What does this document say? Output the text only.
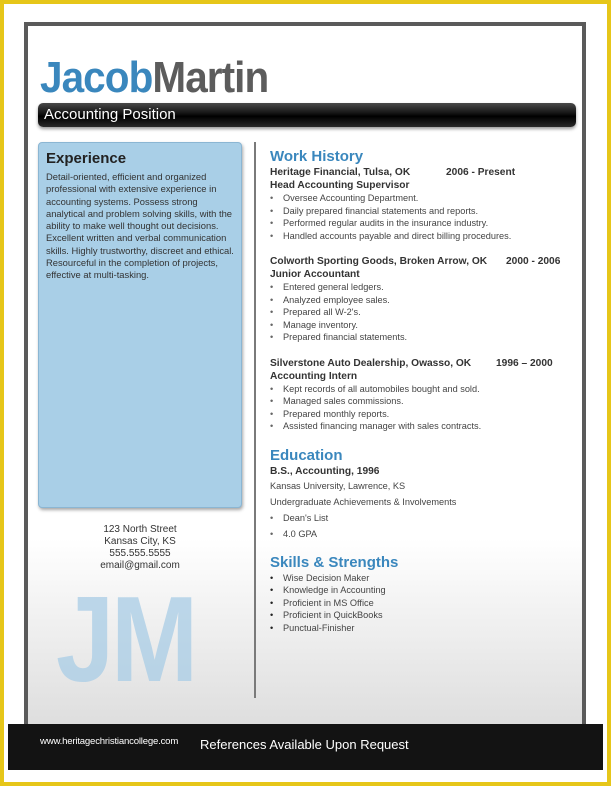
JacobMartin
Accounting Position
Experience
Detail-oriented, efficient and organized professional with extensive experience in accounting systems. Possess strong analytical and problem solving skills, with the ability to make well thought out decisions. Excellent written and verbal communication skills. Highly trustworthy, discreet and ethical. Resourceful in the completion of projects, effective at multi-tasking.
123 North Street
Kansas City, KS
555.555.5555
email@gmail.com
JM
Work History
Heritage Financial, Tulsa, OK	2006 - Present
Head Accounting Supervisor
• Oversee Accounting Department.
• Daily prepared financial statements and reports.
• Performed regular audits in the insurance industry.
• Handled accounts payable and direct billing procedures.
Colworth Sporting Goods, Broken Arrow, OK 2000 - 2006
Junior Accountant
• Entered general ledgers.
• Analyzed employee sales.
• Prepared all W-2's.
• Manage inventory.
• Prepared financial statements.
Silverstone Auto Dealership, Owasso, OK 1996 – 2000
Accounting Intern
• Kept records of all automobiles bought and sold.
• Managed sales commissions.
• Prepared monthly reports.
• Assisted financing manager with sales contracts.
Education
B.S., Accounting, 1996
Kansas University, Lawrence, KS
Undergraduate Achievements & Involvements
• Dean's List
• 4.0 GPA
Skills & Strengths
• Wise Decision Maker
• Knowledge in Accounting
• Proficient in MS Office
• Proficient in QuickBooks
• Punctual-Finisher
www.heritagechristiancollege.com References Available Upon Request
